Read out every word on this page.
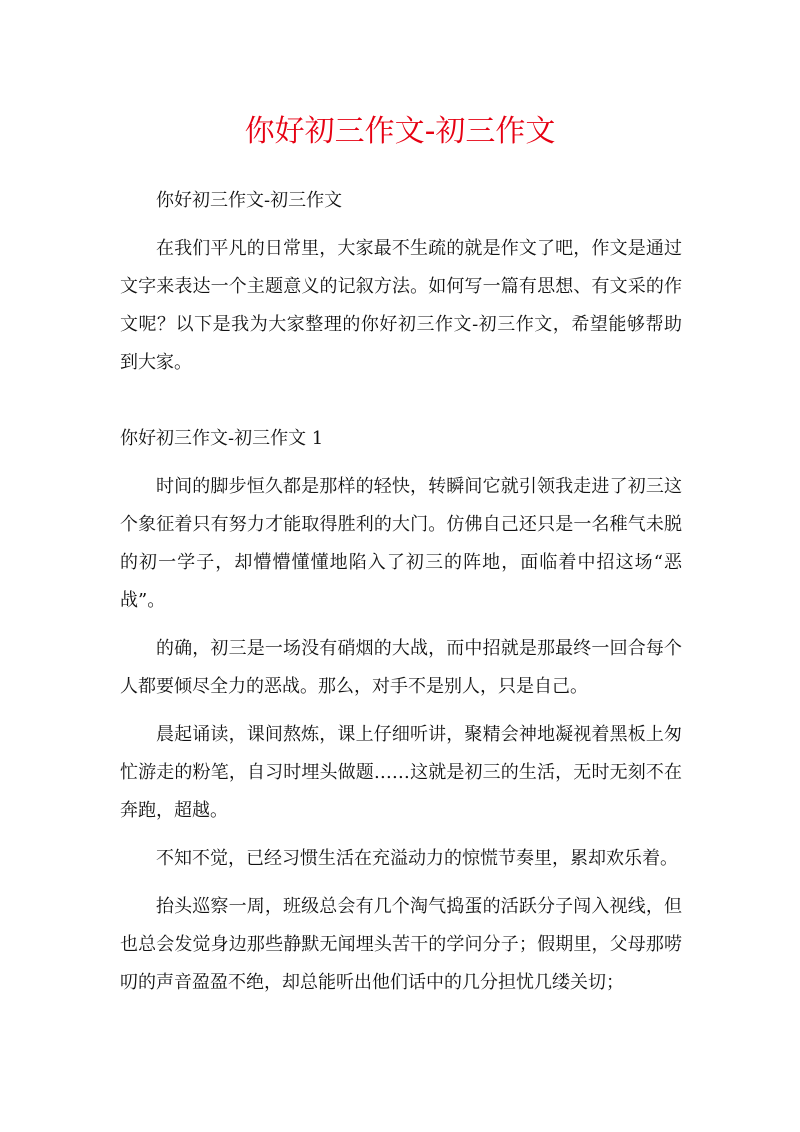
你好初三作文-初三作文

你好初三作文-初三作文

在我们平凡的日常里，大家最不生疏的就是作文了吧，作文是通过文字来表达一个主题意义的记叙方法。如何写一篇有思想、有文采的作文呢？以下是我为大家整理的你好初三作文-初三作文，希望能够帮助到大家。

你好初三作文-初三作文 1

时间的脚步恒久都是那样的轻快，转瞬间它就引领我走进了初三这个象征着只有努力才能取得胜利的大门。仿佛自己还只是一名稚气未脱的初一学子，却懵懵懂懂地陷入了初三的阵地，面临着中招这场“恶战”。

的确，初三是一场没有硝烟的大战，而中招就是那最终一回合每个人都要倾尽全力的恶战。那么，对手不是别人，只是自己。

晨起诵读，课间熬炼，课上仔细听讲，聚精会神地凝视着黑板上匆忙游走的粉笔，自习时埋头做题……这就是初三的生活，无时无刻不在奔跑，超越。

不知不觉，已经习惯生活在充溢动力的惊慌节奏里，累却欢乐着。

抬头巡察一周，班级总会有几个淘气捣蛋的活跃分子闯入视线，但也总会发觉身边那些静默无闻埋头苦干的学问分子；假期里，父母那唠叨的声音盈盈不绝，却总能听出他们话中的几分担忧几缕关切；
